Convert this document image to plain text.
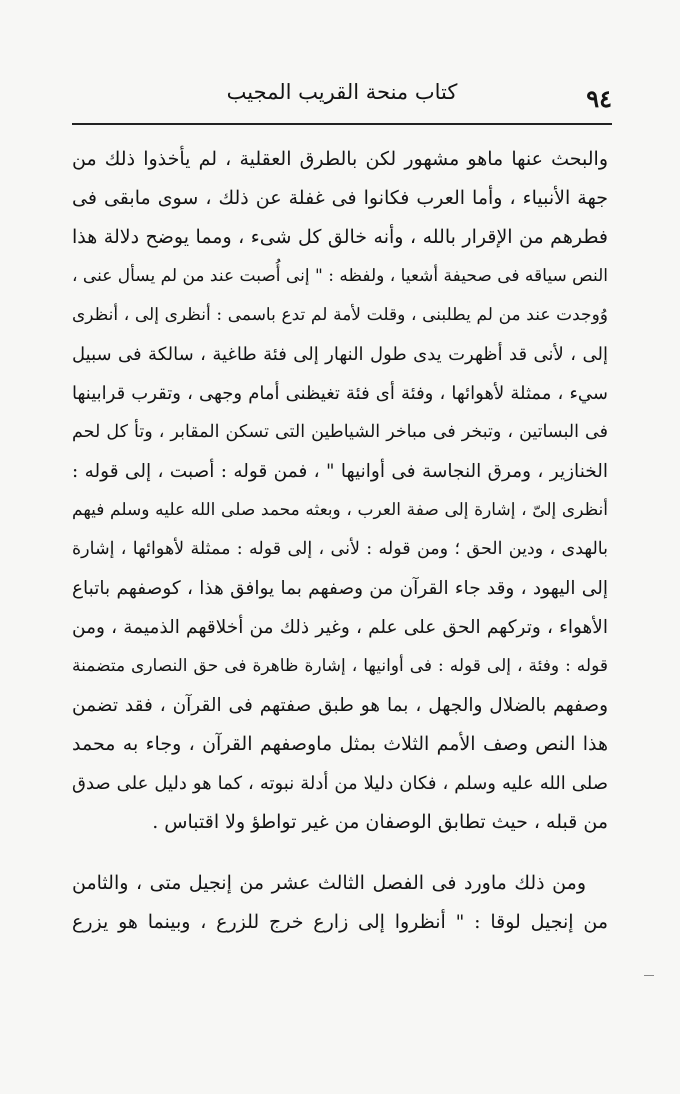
٩٤
كتاب منحة القريب المجيب
والبحث عنها ماهو مشهور لكن بالطرق العقلية ، لم يأخذوا ذلك من
جهة الأنبياء ، وأما العرب فكانوا فى غفلة عن ذلك ، سوى مابقى فى
فطرهم من الإقرار بالله ، وأنه خالق كل شىء ، ومما يوضح دلالة هذا
النص سياقه فى صحيفة أشعيا ، ولفظه : " إنى أُصبت عند من لم يسأل عنى ،
وُوجدت عند من لم يطلبنى ، وقلت لأمة لم تدع باسمى : أنظرى إلى ، أنظرى
إلى ، لأنى قد أظهرت يدى طول النهار إلى فئة طاغية ، سالكة فى سبيل
سيء ، ممثلة لأهوائها ، وفئة أى فئة تغيظنى أمام وجهى ، وتقرب قرابينها
فى البساتين ، وتبخر فى مباخر الشياطين التى تسكن المقابر ، وتأ كل لحم
الخنازير ، ومرق النجاسة فى أوانيها " ، فمن قوله : أصبت ، إلى قوله :
أنظرى إلىّ ، إشارة إلى صفة العرب ، وبعثه محمد صلى الله عليه وسلم فيهم
بالهدى ، ودين الحق ؛ ومن قوله : لأنى ، إلى قوله : ممثلة لأهوائها ، إشارة
إلى اليهود ، وقد جاء القرآن من وصفهم بما يوافق هذا ، كوصفهم باتباع
الأهواء ، وتركهم الحق على علم ، وغير ذلك من أخلاقهم الذميمة ، ومن
قوله : وفئة ، إلى قوله : فى أوانيها ، إشارة ظاهرة فى حق النصارى متضمنة
وصفهم بالضلال والجهل ، بما هو طبق صفتهم فى القرآن ، فقد تضمن
هذا النص وصف الأمم الثلاث بمثل ماوصفهم القرآن ، وجاء به محمد
صلى الله عليه وسلم ، فكان دليلا من أدلة نبوته ، كما هو دليل على صدق
من قبله ، حيث تطابق الوصفان من غير تواطؤ ولا اقتباس .
ومن ذلك ماورد فى الفصل الثالث عشر من إنجيل متى ، والثامن
من إنجيل لوقا : " أنظروا إلى زارع خرج للزرع ، وبينما هو يزرع
